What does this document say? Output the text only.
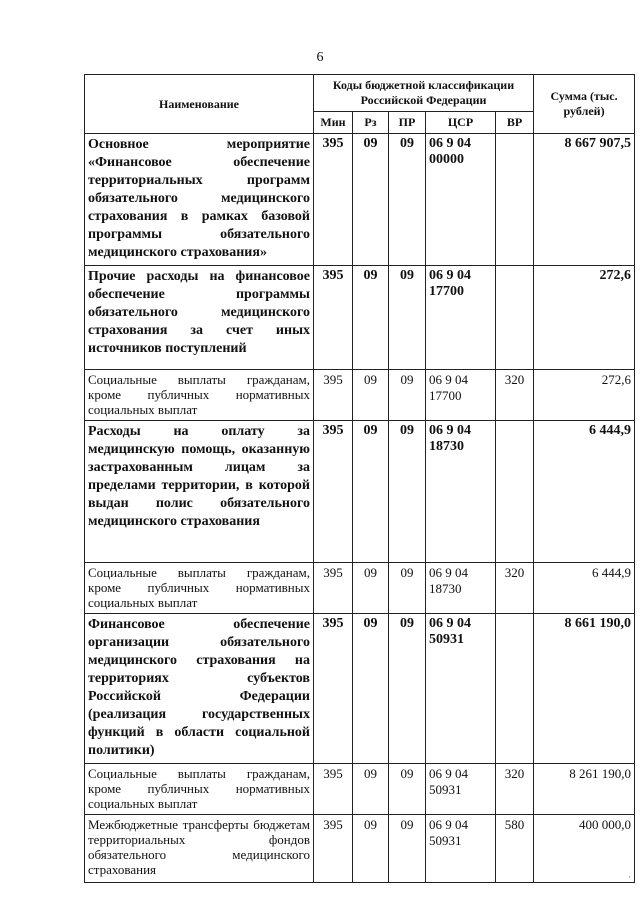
6
Наименование	Коды бюджетной классификации Российской Федерации					Сумма (тыс. рублей)
	Мин	Рз	ПР	ЦСР	ВР	
Основное мероприятие «Финансовое обеспечение территориальных программ обязательного медицинского страхования в рамках базовой программы обязательного медицинского страхования»	395	09	09	06 9 04 00000		8 667 907,5
Прочие расходы на финансовое обеспечение программы обязательного медицинского страхования за счет иных источников поступлений	395	09	09	06 9 04 17700		272,6
Социальные выплаты гражданам, кроме публичных нормативных социальных выплат	395	09	09	06 9 04 17700	320	272,6
Расходы на оплату за медицинскую помощь, оказанную застрахованным лицам за пределами территории, в которой выдан полис обязательного медицинского страхования	395	09	09	06 9 04 18730		6 444,9
Социальные выплаты гражданам, кроме публичных нормативных социальных выплат	395	09	09	06 9 04 18730	320	6 444,9
Финансовое обеспечение организации обязательного медицинского страхования на территориях субъектов Российской Федерации (реализация государственных функций в области социальной политики)	395	09	09	06 9 04 50931		8 661 190,0
Социальные выплаты гражданам, кроме публичных нормативных социальных выплат	395	09	09	06 9 04 50931	320	8 261 190,0
Межбюджетные трансферты бюджетам территориальных фондов обязательного медицинского страхования	395	09	09	06 9 04 50931	580	400 000,0
·
